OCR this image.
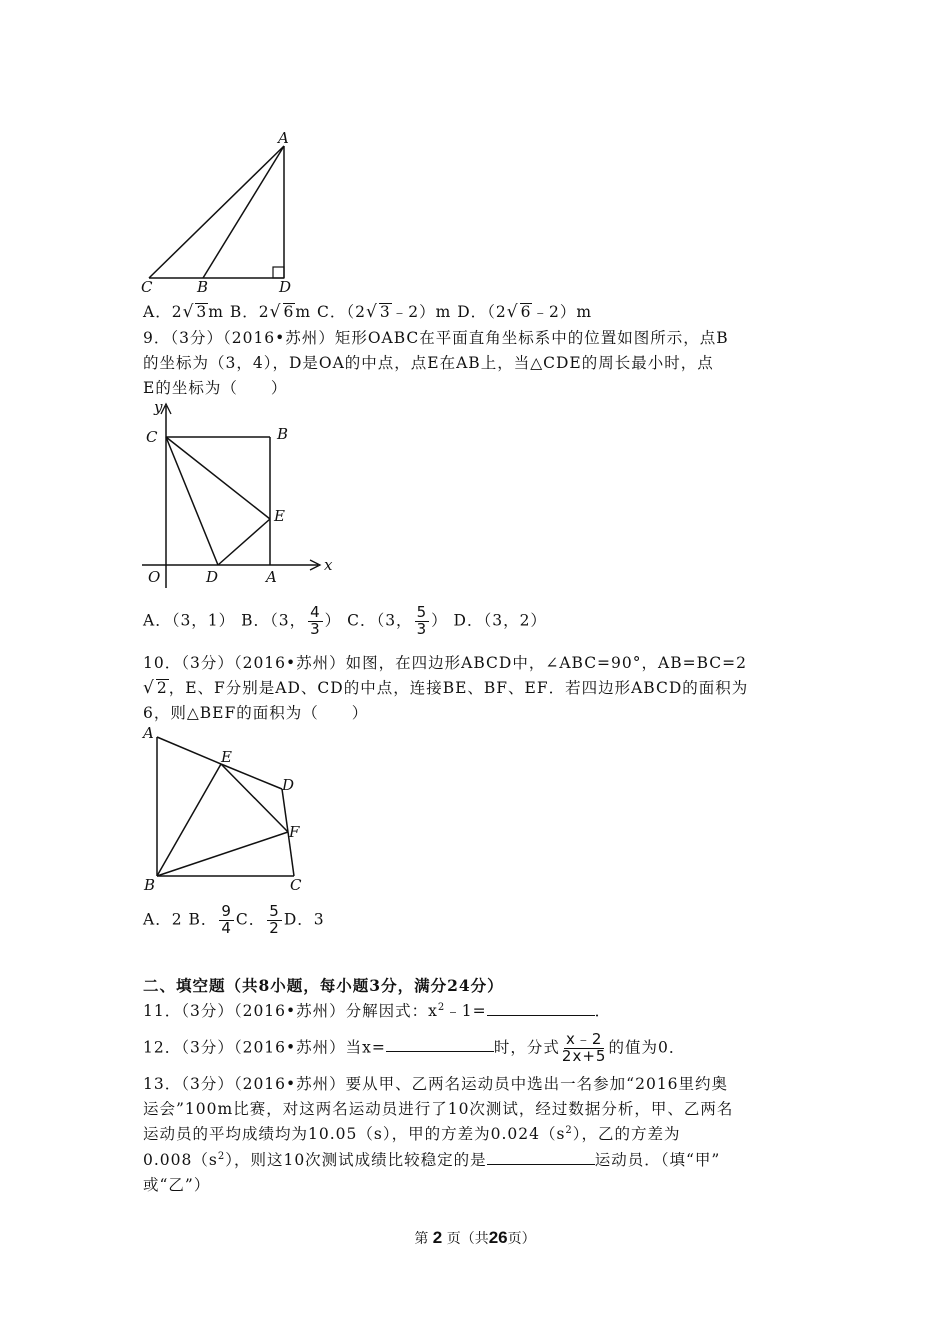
A
C	B	D
A．2√ 3m B．2√ 6m C．（2√ 3﹣2）m D．（2√ 6﹣2）m
9．（3分）（2016•苏州）矩形OABC在平面直角坐标系中的位置如图所示，点B
的坐标为（3，4），D是OA的中点，点E在AB上，当△CDE的周长最小时，点
E的坐标为（　　）
y
x
C	B
E
O	D	A
A．（3，1） B．（3， $\frac{4}{3}$ ） C．（3， $\frac{5}{3}$ ） D．（3，2）
10．（3分）（2016•苏州）如图，在四边形ABCD中，∠ABC=90°，AB=BC=2
√ 2，E、F分别是AD、CD的中点，连接BE、BF、EF．若四边形ABCD的面积为
6，则△BEF的面积为（　　）
A
E
D
F
B	C
A．2 B． $\frac{9}{4}$ C． $\frac{5}{2}$ D．3
二、填空题（共8小题，每小题3分，满分24分）
11．（3分）（2016•苏州）分解因式：$x^2﹣1=$	．
12．（3分）（2016•苏州）当x=	时，分式 $\frac{x﹣2}{2x+5}$ 的值为0．
13．（3分）（2016•苏州）要从甲、乙两名运动员中选出一名参加“2016里约奥
运会”100m比赛，对这两名运动员进行了10次测试，经过数据分析，甲、乙两名
运动员的平均成绩均为10.05（s），甲的方差为$0.024(s^2)$，乙的方差为
$0.008(s^2)$，则这10次测试成绩比较稳定的是	运动员．（填“甲”
或“乙”）
第 2 页（共26页）
